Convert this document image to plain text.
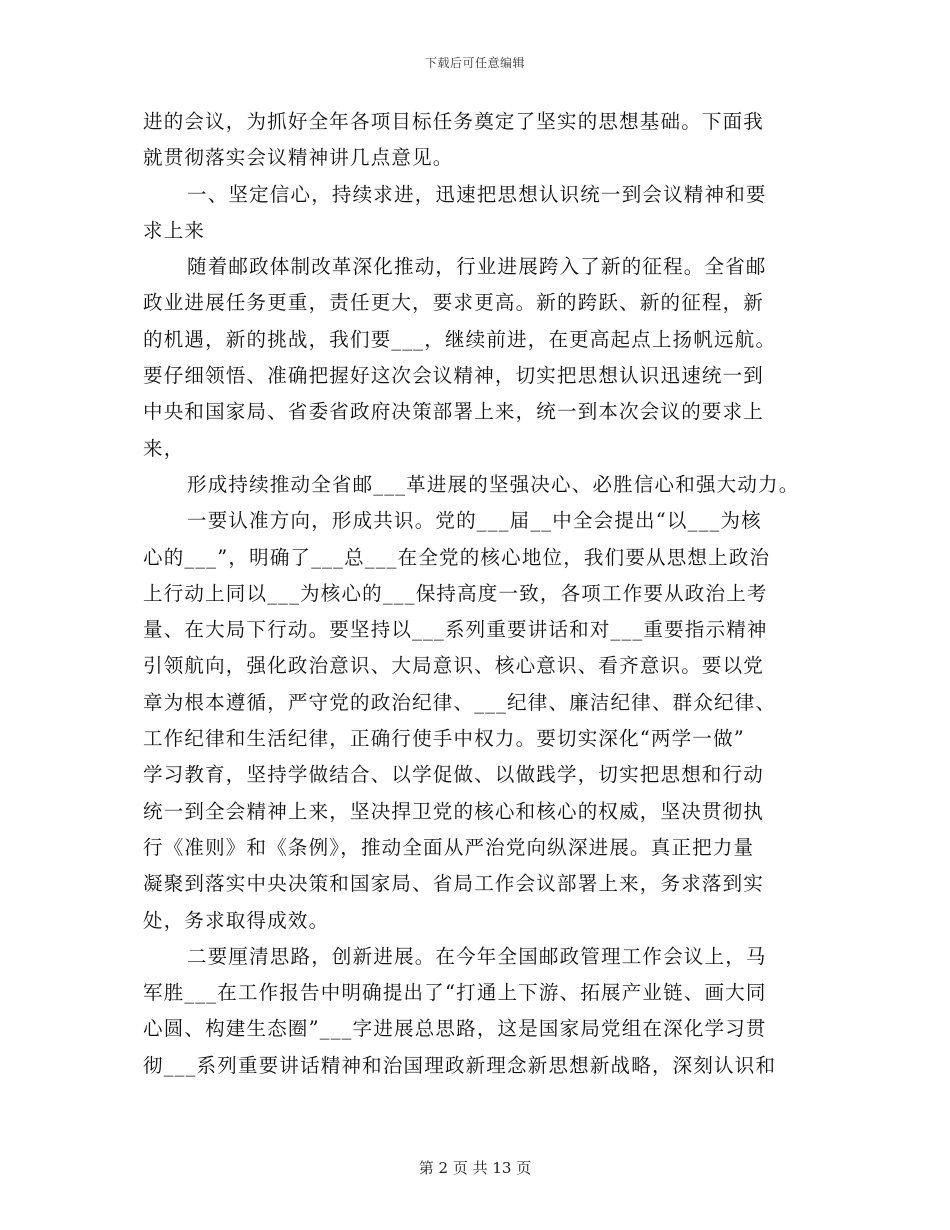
下载后可任意编辑
进的会议，为抓好全年各项目标任务奠定了坚实的思想基础。下面我
就贯彻落实会议精神讲几点意见。
一、坚定信心，持续求进，迅速把思想认识统一到会议精神和要
求上来
随着邮政体制改革深化推动，行业进展跨入了新的征程。全省邮
政业进展任务更重，责任更大，要求更高。新的跨跃、新的征程，新
的机遇，新的挑战，我们要___，继续前进，在更高起点上扬帆远航。
要仔细领悟、准确把握好这次会议精神，切实把思想认识迅速统一到
中央和国家局、省委省政府决策部署上来，统一到本次会议的要求上
来，
形成持续推动全省邮___革进展的坚强决心、必胜信心和强大动力。
一要认准方向，形成共识。党的___届__中全会提出“以___为核
心的___”，明确了___总___在全党的核心地位，我们要从思想上政治
上行动上同以___为核心的___保持高度一致，各项工作要从政治上考
量、在大局下行动。要坚持以___系列重要讲话和对___重要指示精神
引领航向，强化政治意识、大局意识、核心意识、看齐意识。要以党
章为根本遵循，严守党的政治纪律、___纪律、廉洁纪律、群众纪律、
工作纪律和生活纪律，正确行使手中权力。要切实深化“两学一做”
学习教育，坚持学做结合、以学促做、以做践学，切实把思想和行动
统一到全会精神上来，坚决捍卫党的核心和核心的权威，坚决贯彻执
行《准则》和《条例》，推动全面从严治党向纵深进展。真正把力量
凝聚到落实中央决策和国家局、省局工作会议部署上来，务求落到实
处，务求取得成效。
二要厘清思路，创新进展。在今年全国邮政管理工作会议上，马
军胜___在工作报告中明确提出了“打通上下游、拓展产业链、画大同
心圆、构建生态圈”___字进展总思路，这是国家局党组在深化学习贯
彻___系列重要讲话精神和治国理政新理念新思想新战略，深刻认识和
第 2 页 共 13 页
